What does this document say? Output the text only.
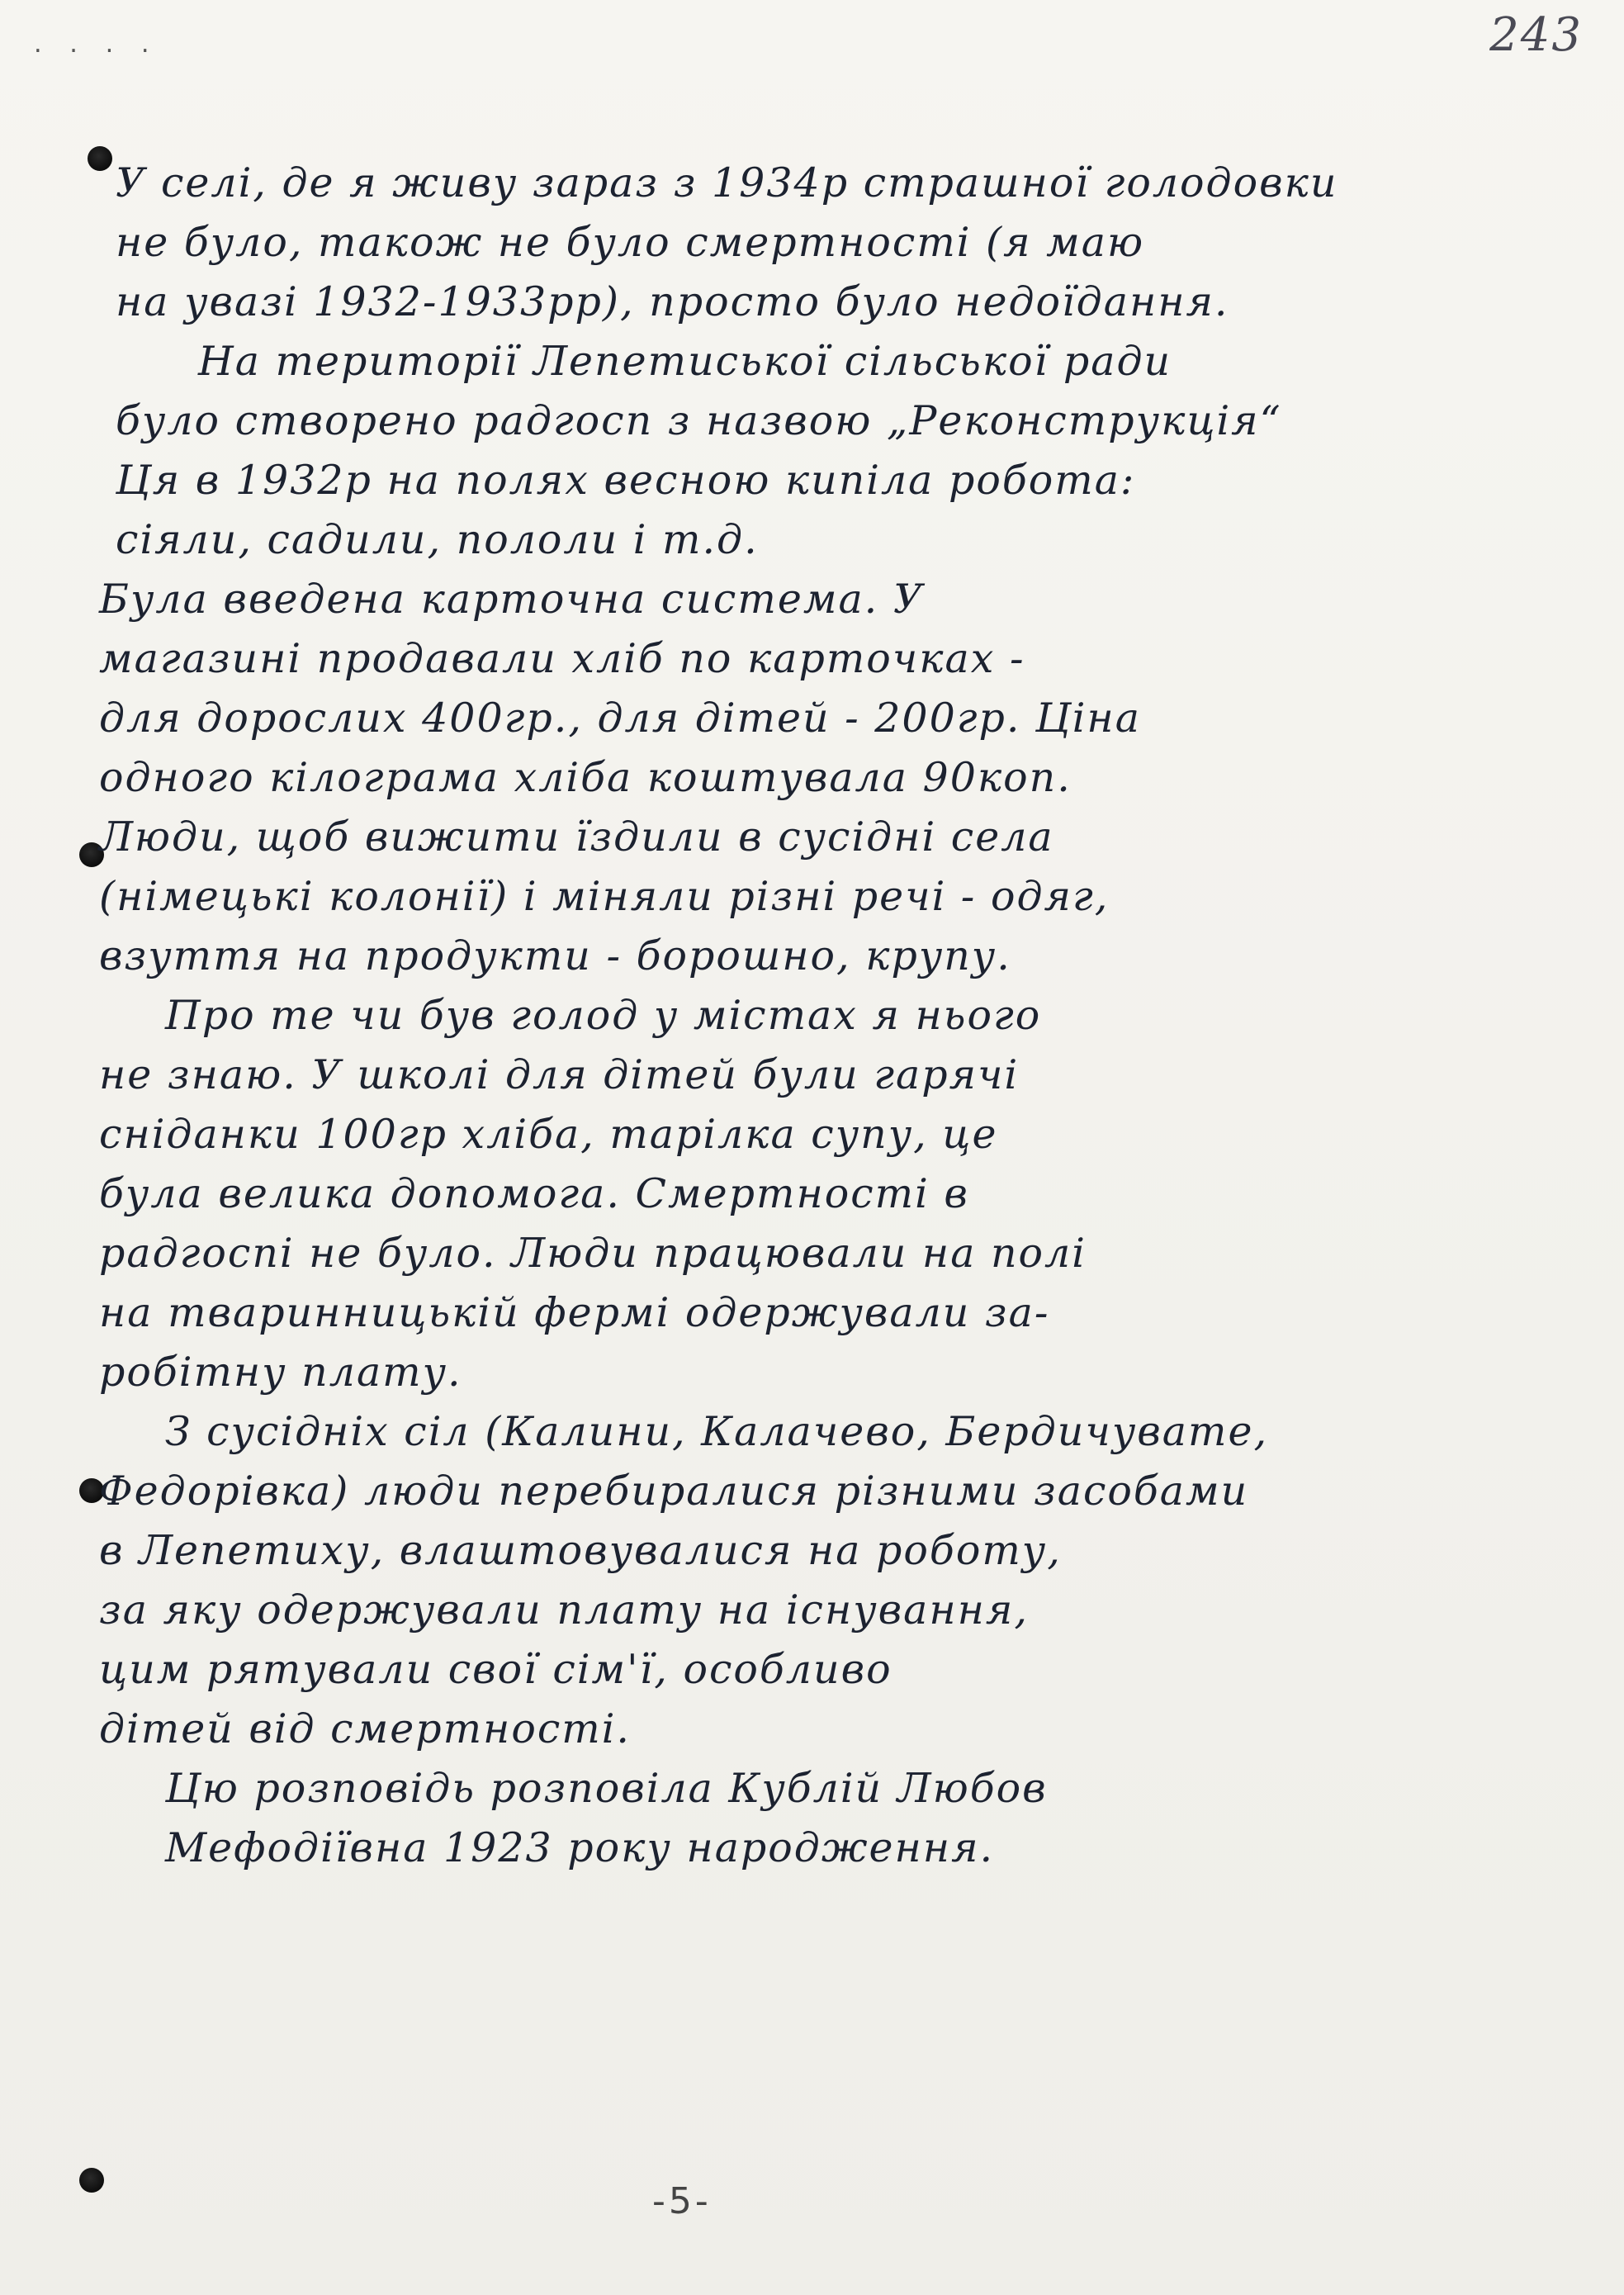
. . . .	243
У селі, де я живу зараз з 1934р страшної голодовки
не було, також не було смертності (я маю
на увазі 1932-1933рр), просто було недоїдання.
На території Лепетиської сільської ради
було створено радгосп з назвою „Реконструкція“
Ця в 1932р на полях весною кипіла робота:
сіяли, садили, пололи і т.д.
Була введена карточна система. У
магазині продавали хліб по карточках -
для дорослих 400гр., для дітей - 200гр. Ціна
одного кілограма хліба коштувала 90коп.
Люди, щоб вижити їздили в сусідні села
(німецькі колонії) і міняли різні речі - одяг,
взуття на продукти - борошно, крупу.
Про те чи був голод у містах я нього
не знаю. У школі для дітей були гарячі
сніданки 100гр хліба, тарілка супу, це
була велика допомога. Смертності в
радгоспі не було. Люди працювали на полі
на тваринницькій фермі одержували за-
робітну плату.
З сусідніх сіл (Калини, Калачево, Бердичувате,
Федорівка) люди перебиралися різними засобами
в Лепетиху, влаштовувалися на роботу,
за яку одержували плату на існування,
цим рятували свої сім'ї, особливо
дітей від смертності.
Цю розповідь розповіла Кублій Любов
Мефодіївна 1923 року народження.
-5-
